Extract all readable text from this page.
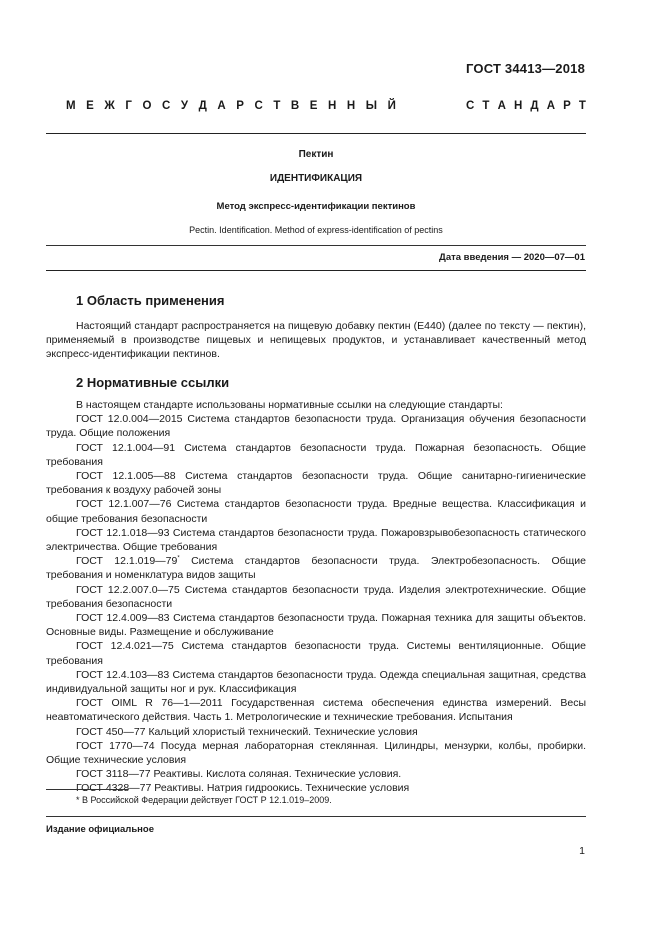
ГОСТ 34413—2018
М Е Ж Г О С У Д А Р С Т В Е Н Н Ы Й	С Т А Н Д А Р Т
Пектин
ИДЕНТИФИКАЦИЯ
Метод экспресс-идентификации пектинов
Pectin. Identification. Method of express-identification of pectins
Дата введения — 2020—07—01
1 Область применения

Настоящий стандарт распространяется на пищевую добавку пектин (Е440) (далее по тексту — пектин), применяемый в производстве пищевых и непищевых продуктов, и устанавливает качественный метод экспресс-идентификации пектинов.

2 Нормативные ссылки

В настоящем стандарте использованы нормативные ссылки на следующие стандарты:

ГОСТ 12.0.004—2015 Система стандартов безопасности труда. Организация обучения безопасности труда. Общие положения

ГОСТ 12.1.004—91 Система стандартов безопасности труда. Пожарная безопасность. Общие требования

ГОСТ 12.1.005—88 Система стандартов безопасности труда. Общие санитарно-гигиенические требования к воздуху рабочей зоны

ГОСТ 12.1.007—76 Система стандартов безопасности труда. Вредные вещества. Классификация и общие требования безопасности

ГОСТ 12.1.018—93 Система стандартов безопасности труда. Пожаровзрывобезопасность статического электричества. Общие требования

ГОСТ 12.1.019—79* Система стандартов безопасности труда. Электробезопасность. Общие требования и номенклатура видов защиты

ГОСТ 12.2.007.0—75 Система стандартов безопасности труда. Изделия электротехнические. Общие требования безопасности

ГОСТ 12.4.009—83 Система стандартов безопасности труда. Пожарная техника для защиты объектов. Основные виды. Размещение и обслуживание

ГОСТ 12.4.021—75 Система стандартов безопасности труда. Системы вентиляционные. Общие требования

ГОСТ 12.4.103—83 Система стандартов безопасности труда. Одежда специальная защитная, средства индивидуальной защиты ног и рук. Классификация

ГОСТ OIML R 76—1—2011 Государственная система обеспечения единства измерений. Весы неавтоматического действия. Часть 1. Метрологические и технические требования. Испытания

ГОСТ 450—77 Кальций хлористый технический. Технические условия

ГОСТ 1770—74 Посуда мерная лабораторная стеклянная. Цилиндры, мензурки, колбы, пробирки. Общие технические условия

ГОСТ 3118—77 Реактивы. Кислота соляная. Технические условия.

ГОСТ 4328—77 Реактивы. Натрия гидроокись. Технические условия

* В Российской Федерации действует ГОСТ Р 12.1.019–2009.
Издание официальное
1
